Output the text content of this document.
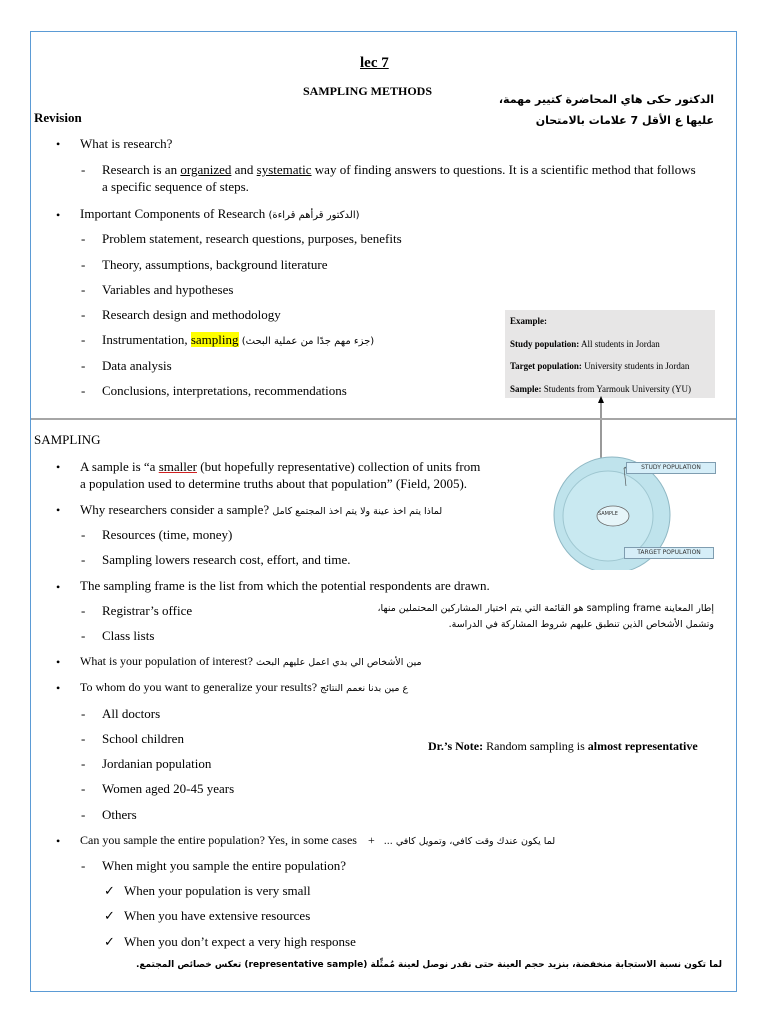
lec 7
SAMPLING METHODS
الدكتور حكى هاي المحاضرة كتيير مهمة،
عليها ع الأقل 7 علامات بالامتحان
Revision
• What is research?
- Research is an organized and systematic way of finding answers to questions. It is a scientific method that follows
a specific sequence of steps.
• Important Components of Research (الدكتور قرأهم قراءة)
- Problem statement, research questions, purposes, benefits
- Theory, assumptions, background literature
- Variables and hypotheses
- Research design and methodology
- Instrumentation, sampling (جزء مهم جدًا من عملية البحث)
- Data analysis
- Conclusions, interpretations, recommendations
Example:
Study population: All students in Jordan
Target population: University students in Jordan
Sample: Students from Yarmouk University (YU)
STUDY POPULATION
SAMPLE
TARGET POPULATION
SAMPLING
• A sample is “a smaller (but hopefully representative) collection of units from
a population used to determine truths about that population” (Field, 2005).
• Why researchers consider a sample? لماذا يتم اخذ عينة ولا يتم اخذ المجتمع كامل
- Resources (time, money)
- Sampling lowers research cost, effort, and time.
• The sampling frame is the list from which the potential respondents are drawn.
- Registrar’s office
- Class lists
إطار المعاينة sampling frame هو القائمة التي يتم اختيار المشاركين المحتملين منها،
وتشمل الأشخاص الذين تنطبق عليهم شروط المشاركة في الدراسة.
• What is your population of interest? مين الأشخاص الي بدي اعمل عليهم البحث
• To whom do you want to generalize your results? ع مين بدنا نعمم النتائج
- All doctors
- School children
- Jordanian population
- Women aged 20-45 years
- Others
Dr.’s Note: Random sampling is almost representative
• Can you sample the entire population? Yes, in some cases + لما يكون عندك وقت كافي، وتمويل كافي ...
- When might you sample the entire population?
✓ When your population is very small
✓ When you have extensive resources
✓ When you don’t expect a very high response
لما تكون نسبة الاستجابة منخفضة، بنزيد حجم العينة حتى نقدر نوصل لعينة مُمثِّلة (representative sample) تعكس خصائص المجتمع.
